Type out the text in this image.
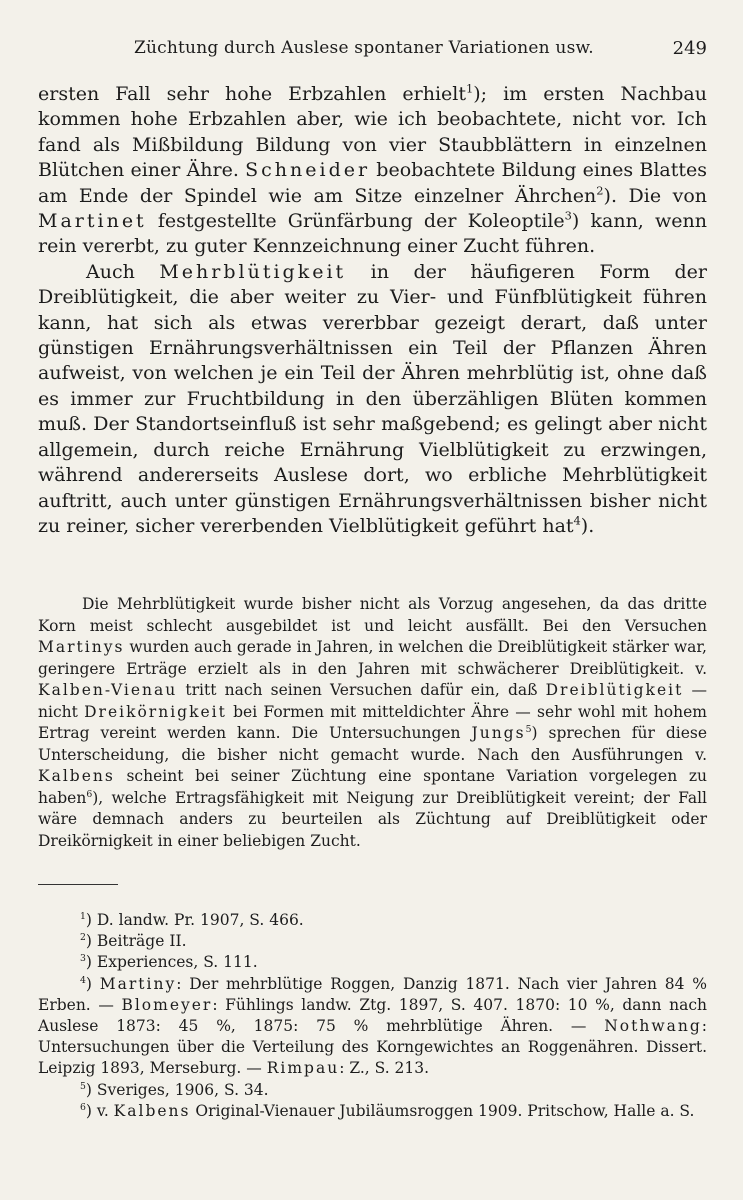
Züchtung durch Auslese spontaner Variationen usw.	249

ersten Fall sehr hohe Erbzahlen erhielt$^1$); im ersten Nachbau kommen hohe Erbzahlen aber, wie ich beobachtete, nicht vor. Ich fand als Mißbildung Bildung von vier Staubblättern in einzelnen Blütchen einer Ähre. Schneider beobachtete Bildung eines Blattes am Ende der Spindel wie am Sitze einzelner Ährchen$^2$). Die von Martinet festgestellte Grünfärbung der Koleoptile$^3$) kann, wenn rein vererbt, zu guter Kennzeichnung einer Zucht führen.

Auch Mehrblütigkeit in der häufigeren Form der Dreiblütigkeit, die aber weiter zu Vier- und Fünfblütigkeit führen kann, hat sich als etwas vererbbar gezeigt derart, daß unter günstigen Ernährungsverhältnissen ein Teil der Pflanzen Ähren aufweist, von welchen je ein Teil der Ähren mehrblütig ist, ohne daß es immer zur Fruchtbildung in den überzähligen Blüten kommen muß. Der Standortseinfluß ist sehr maßgebend; es gelingt aber nicht allgemein, durch reiche Ernährung Vielblütigkeit zu erzwingen, während andererseits Auslese dort, wo erbliche Mehrblütigkeit auftritt, auch unter günstigen Ernährungsverhältnissen bisher nicht zu reiner, sicher vererbenden Vielblütigkeit geführt hat$^4$).

Die Mehrblütigkeit wurde bisher nicht als Vorzug angesehen, da das dritte Korn meist schlecht ausgebildet ist und leicht ausfällt. Bei den Versuchen Martinys wurden auch gerade in Jahren, in welchen die Dreiblütigkeit stärker war, geringere Erträge erzielt als in den Jahren mit schwächerer Dreiblütigkeit. v. Kalben-Vienau tritt nach seinen Versuchen dafür ein, daß Dreiblütigkeit — nicht Dreikörnigkeit bei Formen mit mitteldichter Ähre — sehr wohl mit hohem Ertrag vereint werden kann. Die Untersuchungen Jungs$^5$) sprechen für diese Unterscheidung, die bisher nicht gemacht wurde. Nach den Ausführungen v. Kalbens scheint bei seiner Züchtung eine spontane Variation vorgelegen zu haben$^6$), welche Ertragsfähigkeit mit Neigung zur Dreiblütigkeit vereint; der Fall wäre demnach anders zu beurteilen als Züchtung auf Dreiblütigkeit oder Dreikörnigkeit in einer beliebigen Zucht.

$^1$) D. landw. Pr. 1907, S. 466.

$^2$) Beiträge II.

$^3$) Experiences, S. 111.

$^4$) Martiny: Der mehrblütige Roggen, Danzig 1871. Nach vier Jahren 84 % Erben. — Blomeyer: Fühlings landw. Ztg. 1897, S. 407. 1870: 10 %, dann nach Auslese 1873: 45 %, 1875: 75 % mehrblütige Ähren. — Nothwang: Untersuchungen über die Verteilung des Korngewichtes an Roggenähren. Dissert. Leipzig 1893, Merseburg. — Rimpau: Z., S. 213.

$^5$) Sveriges, 1906, S. 34.

$^6$) v. Kalbens Original-Vienauer Jubiläumsroggen 1909. Pritschow, Halle a. S.
